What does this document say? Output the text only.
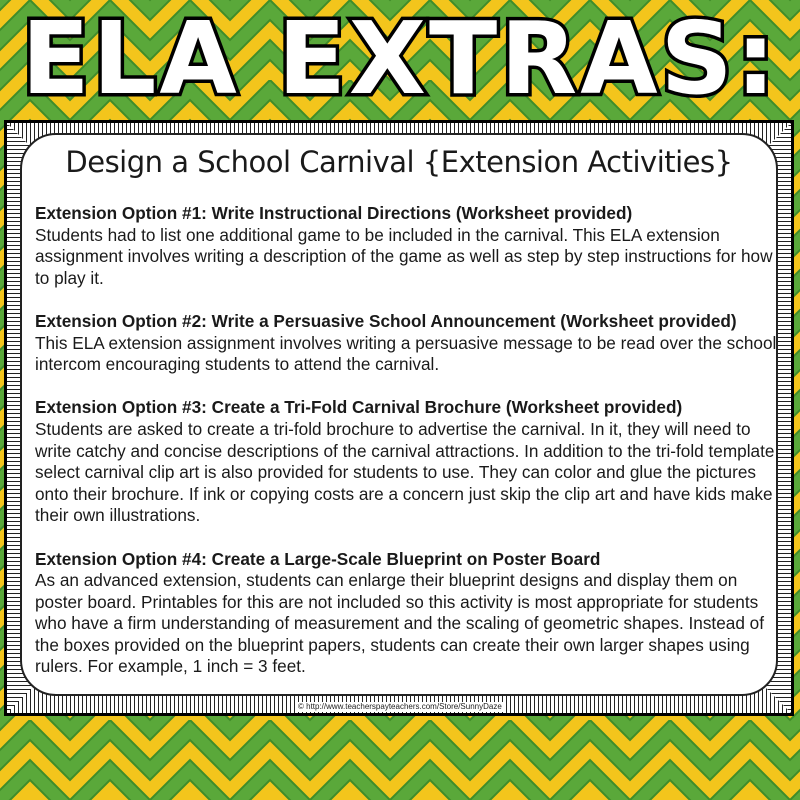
ELA EXTRAS:
Design a School Carnival {Extension Activities}
Extension Option #1: Write Instructional Directions (Worksheet provided)
Students had to list one additional game to be included in the carnival. This ELA extension assignment involves writing a description of the game as well as step by step instructions for how to play it.
Extension Option #2: Write a Persuasive School Announcement (Worksheet provided)
This ELA extension assignment involves writing a persuasive message to be read over the school intercom encouraging students to attend the carnival.
Extension Option #3: Create a Tri-Fold Carnival Brochure (Worksheet provided)
Students are asked to create a tri-fold brochure to advertise the carnival. In it, they will need to write catchy and concise descriptions of the carnival attractions. In addition to the tri-fold template, select carnival clip art is also provided for students to use. They can color and glue the pictures onto their brochure. If ink or copying costs are a concern just skip the clip art and have kids make their own illustrations.
Extension Option #4: Create a Large-Scale Blueprint on Poster Board
As an advanced extension, students can enlarge their blueprint designs and display them on poster board. Printables for this are not included so this activity is most appropriate for students who have a firm understanding of measurement and the scaling of geometric shapes. Instead of the boxes provided on the blueprint papers, students can create their own larger shapes using rulers. For example, 1 inch = 3 feet.
© http://www.teacherspayteachers.com/Store/SunnyDaze
